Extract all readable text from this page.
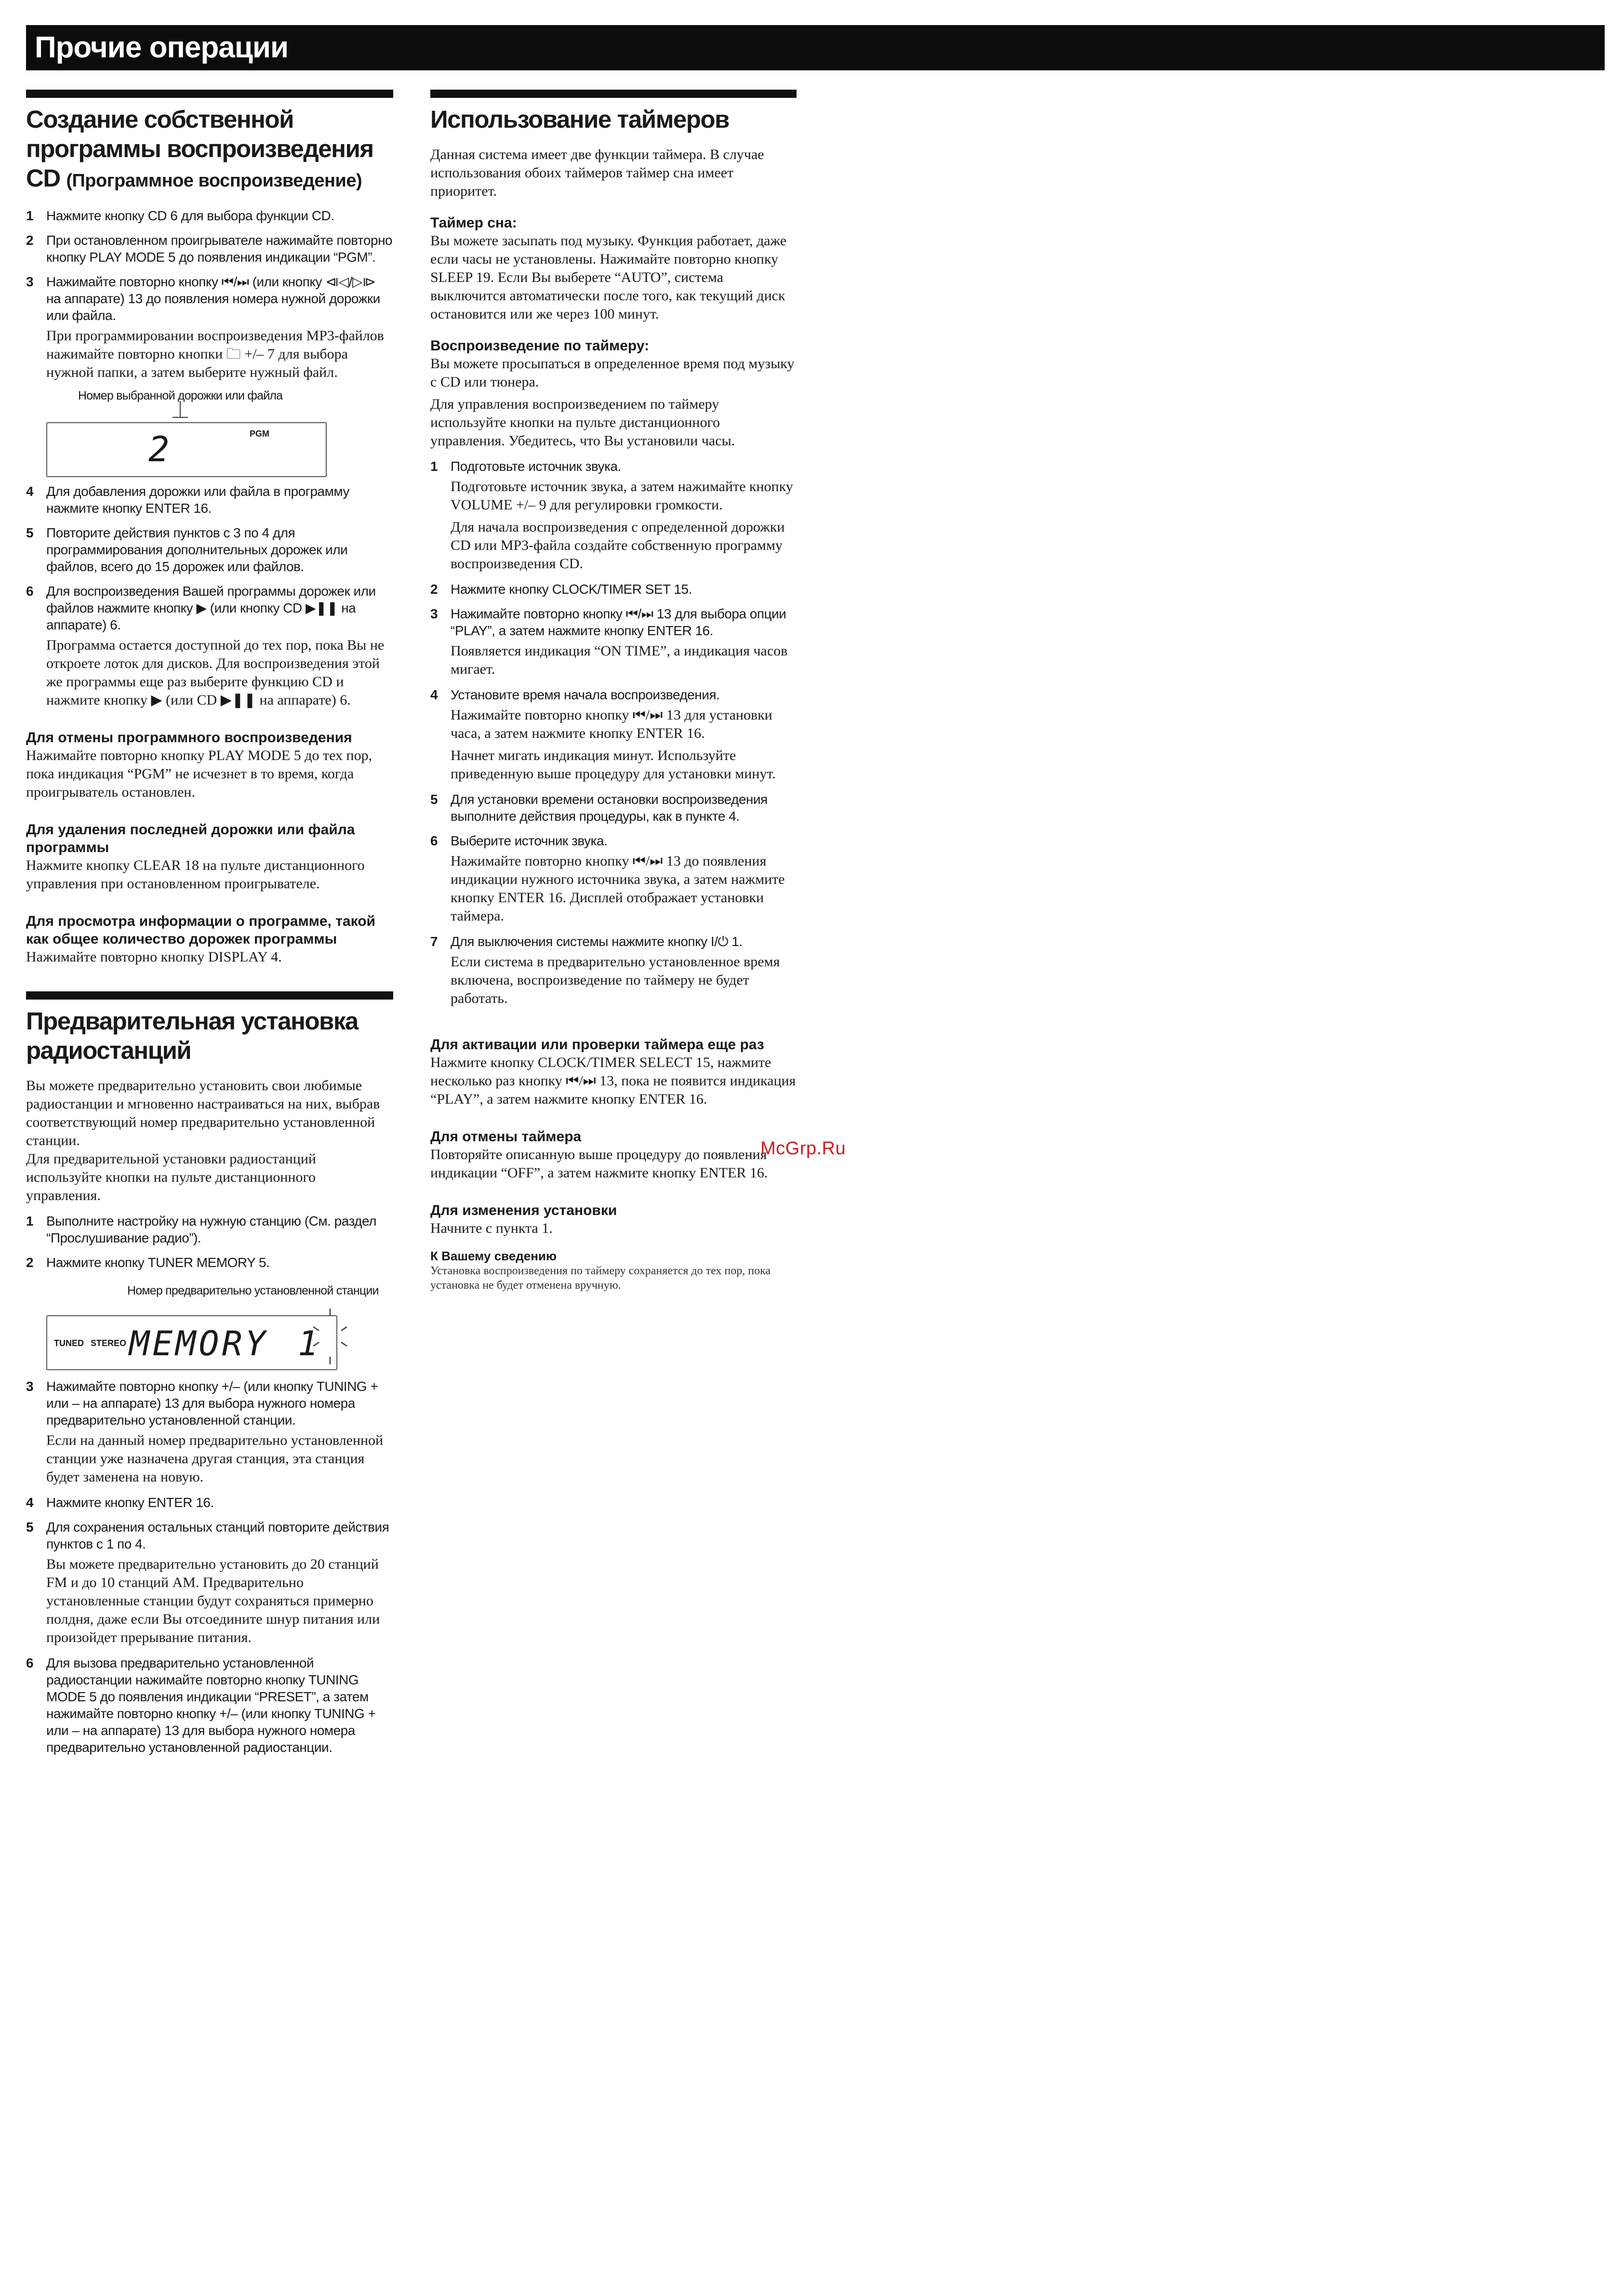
Прочие операции
Создание собственной программы воспроизведения CD (Программное воспроизведение)
1 Нажмите кнопку CD 6 для выбора функции CD.
2 При остановленном проигрывателе нажимайте повторно кнопку PLAY MODE 5 до появления индикации “PGM”.
3 Нажимайте повторно кнопку ⏮/⏭ (или кнопку ⧏◁/▷⧐ на аппарате) 13 до появления номера нужной дорожки или файла.

При программировании воспроизведения MP3-файлов нажимайте повторно кнопки 🗀 +/– 7 для выбора нужной папки, а затем выберите нужный файл.

Номер выбранной дорожки или файла
PGM
2
4 Для добавления дорожки или файла в программу нажмите кнопку ENTER 16.
5 Повторите действия пунктов с 3 по 4 для программирования дополнительных дорожек или файлов, всего до 15 дорожек или файлов.
6 Для воспроизведения Вашей программы дорожек или файлов нажмите кнопку ▶ (или кнопку CD ▶❚❚ на аппарате) 6.

Программа остается доступной до тех пор, пока Вы не откроете лоток для дисков. Для воспроизведения этой же программы еще раз выберите функцию CD и нажмите кнопку ▶ (или CD ▶❚❚ на аппарате) 6.

Для отмены программного воспроизведения

Нажимайте повторно кнопку PLAY MODE 5 до тех пор, пока индикация “PGM” не исчезнет в то время, когда проигрыватель остановлен.

Для удаления последней дорожки или файла программы

Нажмите кнопку CLEAR 18 на пульте дистанционного управления при остановленном проигрывателе.

Для просмотра информации о программе, такой как общее количество дорожек программы

Нажимайте повторно кнопку DISPLAY 4.

Предварительная установка радиостанций

Вы можете предварительно установить свои любимые радиостанции и мгновенно настраиваться на них, выбрав соответствующий номер предварительно установленной станции.

Для предварительной установки радиостанций используйте кнопки на пульте дистанционного управления.

1 Выполните настройку на нужную станцию (См. раздел “Прослушивание радио”).
2 Нажмите кнопку TUNER MEMORY 5.
Номер предварительно установленной станции
TUNED STEREO MEMORY 1
3 Нажимайте повторно кнопку +/– (или кнопку TUNING + или – на аппарате) 13 для выбора нужного номера предварительно установленной станции.

Если на данный номер предварительно установленной станции уже назначена другая станция, эта станция будет заменена на новую.

4 Нажмите кнопку ENTER 16.
5 Для сохранения остальных станций повторите действия пунктов с 1 по 4.

Вы можете предварительно установить до 20 станций FM и до 10 станций AM. Предварительно установленные станции будут сохраняться примерно полдня, даже если Вы отсоедините шнур питания или произойдет прерывание питания.

6 Для вызова предварительно установленной радиостанции нажимайте повторно кнопку TUNING MODE 5 до появления индикации “PRESET”, а затем нажимайте повторно кнопку +/– (или кнопку TUNING + или – на аппарате) 13 для выбора нужного номера предварительно установленной радиостанции.
Использование таймеров

Данная система имеет две функции таймера. В случае использования обоих таймеров таймер сна имеет приоритет.

Таймер сна:

Вы можете засыпать под музыку. Функция работает, даже если часы не установлены. Нажимайте повторно кнопку SLEEP 19. Если Вы выберете “AUTO”, система выключится автоматически после того, как текущий диск остановится или же через 100 минут.

Воспроизведение по таймеру:

Вы можете просыпаться в определенное время под музыку с CD или тюнера.

Для управления воспроизведением по таймеру используйте кнопки на пульте дистанционного управления. Убедитесь, что Вы установили часы.

1 Подготовьте источник звука.

Подготовьте источник звука, а затем нажимайте кнопку VOLUME +/– 9 для регулировки громкости.

Для начала воспроизведения с определенной дорожки CD или MP3-файла создайте собственную программу воспроизведения CD.

2 Нажмите кнопку CLOCK/TIMER SET 15.
3 Нажимайте повторно кнопку ⏮/⏭ 13 для выбора опции “PLAY”, а затем нажмите кнопку ENTER 16.

Появляется индикация “ON TIME”, а индикация часов мигает.

4 Установите время начала воспроизведения.

Нажимайте повторно кнопку ⏮/⏭ 13 для установки часа, а затем нажмите кнопку ENTER 16.

Начнет мигать индикация минут. Используйте приведенную выше процедуру для установки минут.

5 Для установки времени остановки воспроизведения выполните действия процедуры, как в пункте 4.
6 Выберите источник звука.

Нажимайте повторно кнопку ⏮/⏭ 13 до появления индикации нужного источника звука, а затем нажмите кнопку ENTER 16. Дисплей отображает установки таймера.

7 Для выключения системы нажмите кнопку I/⏻ 1.

Если система в предварительно установленное время включена, воспроизведение по таймеру не будет работать.

Для активации или проверки таймера еще раз

Нажмите кнопку CLOCK/TIMER SELECT 15, нажмите несколько раз кнопку ⏮/⏭ 13, пока не появится индикация “PLAY”, а затем нажмите кнопку ENTER 16.

Для отмены таймера

Повторяйте описанную выше процедуру до появления индикации “OFF”, а затем нажмите кнопку ENTER 16.

Для изменения установки

Начните с пункта 1.

К Вашему сведению

Установка воспроизведения по таймеру сохраняется до тех пор, пока установка не будет отменена вручную.

McGrp.Ru
